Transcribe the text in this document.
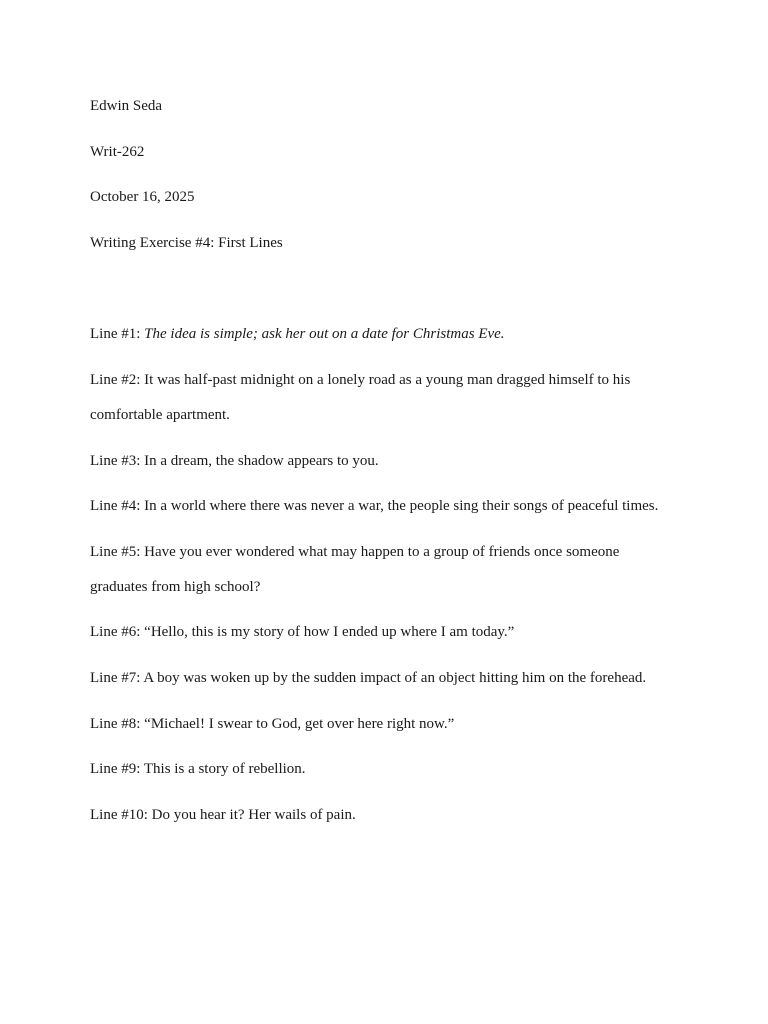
Edwin Seda

Writ-262

October 16, 2025

Writing Exercise #4: First Lines

Line #1: The idea is simple; ask her out on a date for Christmas Eve.

Line #2: It was half-past midnight on a lonely road as a young man dragged himself to his comfortable apartment.

Line #3: In a dream, the shadow appears to you.

Line #4: In a world where there was never a war, the people sing their songs of peaceful times.

Line #5: Have you ever wondered what may happen to a group of friends once someone graduates from high school?

Line #6: “Hello, this is my story of how I ended up where I am today.”

Line #7: A boy was woken up by the sudden impact of an object hitting him on the forehead.

Line #8: “Michael! I swear to God, get over here right now.”

Line #9: This is a story of rebellion.

Line #10: Do you hear it? Her wails of pain.
